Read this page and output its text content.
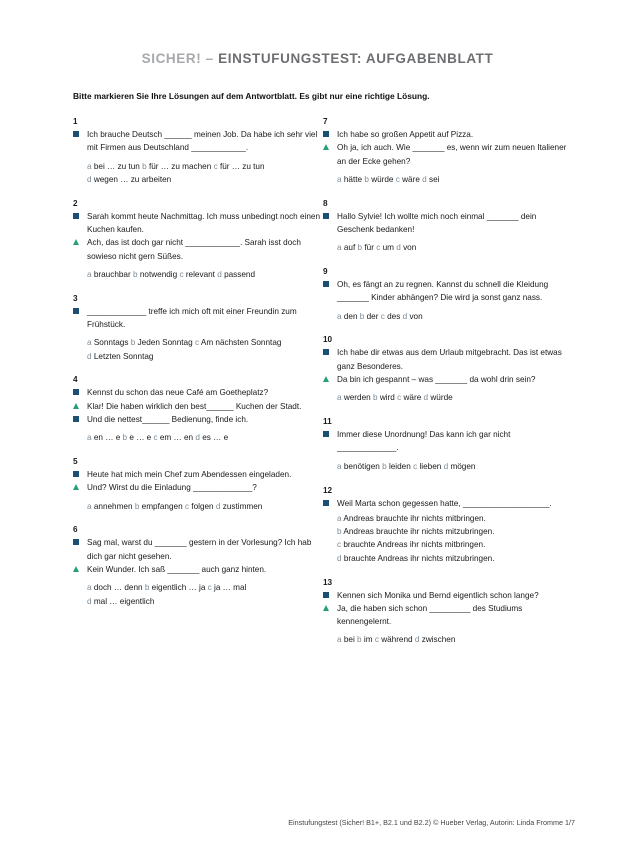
SICHER! – EINSTUFUNGSTEST: AUFGABENBLATT
Bitte markieren Sie Ihre Lösungen auf dem Antwortblatt. Es gibt nur eine richtige Lösung.
1
Ich brauche Deutsch ______ meinen Job. Da habe ich sehr viel mit Firmen aus Deutschland ____________.
a bei … zu tun b für … zu machen c für … zu tun
d wegen … zu arbeiten
2
Sarah kommt heute Nachmittag. Ich muss unbedingt noch einen Kuchen kaufen.
Ach, das ist doch gar nicht ____________. Sarah isst doch sowieso nicht gern Süßes.
a brauchbar b notwendig c relevant d passend
3
_____________ treffe ich mich oft mit einer Freundin zum Frühstück.
a Sonntags b Jeden Sonntag c Am nächsten Sonntag
d Letzten Sonntag
4
Kennst du schon das neue Café am Goetheplatz?
Klar! Die haben wirklich den best______ Kuchen der Stadt.
Und die nettest______ Bedienung, finde ich.
a en … e b e … e c em … en d es … e
5
Heute hat mich mein Chef zum Abendessen eingeladen.
Und? Wirst du die Einladung _____________?
a annehmen b empfangen c folgen d zustimmen
6
Sag mal, warst du _______ gestern in der Vorlesung? Ich hab dich gar nicht gesehen.
Kein Wunder. Ich saß _______ auch ganz hinten.
a doch … denn b eigentlich … ja c ja … mal
d mal … eigentlich
7
Ich habe so großen Appetit auf Pizza.
Oh ja, ich auch. Wie _______ es, wenn wir zum neuen Italiener an der Ecke gehen?
a hätte b würde c wäre d sei
8
Hallo Sylvie! Ich wollte mich noch einmal _______ dein Geschenk bedanken!
a auf b für c um d von
9
Oh, es fängt an zu regnen. Kannst du schnell die Kleidung _______ Kinder abhängen? Die wird ja sonst ganz nass.
a den b der c des d von
10
Ich habe dir etwas aus dem Urlaub mitgebracht. Das ist etwas ganz Besonderes.
Da bin ich gespannt – was _______ da wohl drin sein?
a werden b wird c wäre d würde
11
Immer diese Unordnung! Das kann ich gar nicht _____________.
a benötigen b leiden c lieben d mögen
12
Weil Marta schon gegessen hatte, ___________________.
a Andreas brauchte ihr nichts mitbringen.
b Andreas brauchte ihr nichts mitzubringen.
c brauchte Andreas ihr nichts mitbringen.
d brauchte Andreas ihr nichts mitzubringen.
13
Kennen sich Monika und Bernd eigentlich schon lange?
Ja, die haben sich schon _________ des Studiums kennengelernt.
a bei b im c während d zwischen
Einstufungstest (Sicher! B1+, B2.1 und B2.2) © Hueber Verlag, Autorin: Linda Fromme 1/7
